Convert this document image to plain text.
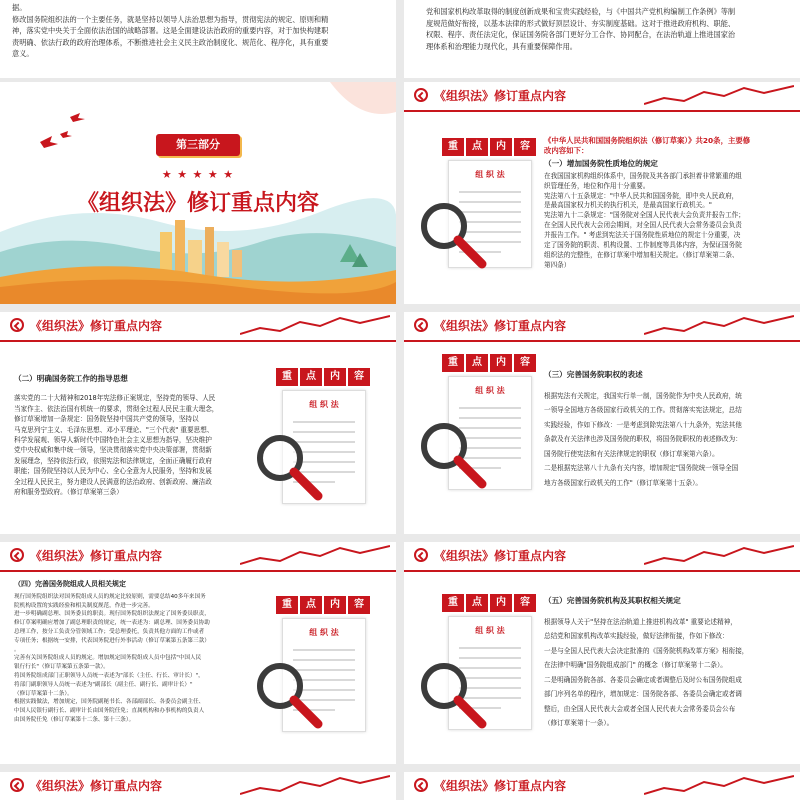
据。

修改国务院组织法的一个主要任务，就是坚持以领导人法治思想为指导，贯彻宪法的规定、原则和精

神，落实党中央关于全面依法治国的战略部署。这是全面建设法治政府的重要内容，对于加快构建职

责明确、依法行政的政府治理体系，不断推进社会主义民主政治制度化、规范化、程序化，具有重要

意义。

党和国家机构改革取得的制度创新成果和宝贵实践经验，与《中国共产党机构编制工作条例》等制

度规范做好衔接，以基本法律的形式做好顶层设计、夯实制度基础。这对于推进政府机构、职能、

权限、程序、责任法定化，保证国务院各部门更好分工合作、协同配合，在法治轨道上推进国家治

理体系和治理能力现代化，具有重要保障作用。

第三部分
★ ★ ★ ★ ★
《组织法》修订重点内容
《组织法》修订重点内容
重	点	内	容
组 织 法

《中华人民共和国国务院组织法（修订草案）》共20条，主要修

改内容如下：

（一）增加国务院性质地位的规定

在我国国家机构组织体系中，国务院及其各部门承担着非常繁重的组

织管理任务，地位和作用十分重要。

宪法第八十五条规定："中华人民共和国国务院，即中央人民政府，

是最高国家权力机关的执行机关，是最高国家行政机关。"

宪法第九十二条规定："国务院对全国人民代表大会负责并报告工作；

在全国人民代表大会闭会期间，对全国人民代表大会常务委员会负责

并报告工作。" 考虑到宪法关于国务院性质地位的规定十分重要，决

定了国务院的职责、机构设置、工作制度等具体内容，为保证国务院

组织法的完整性，在修订草案中增加相关规定。（修订草案第二条、

第四条）

《组织法》修订重点内容

（二）明确国务院工作的指导思想

落实党的二十大精神和2018年宪法修正案规定，坚持党的领导、人民

当家作主、依法治国有机统一的要求，贯彻全过程人民民主重大理念，

修订草案增加一条规定：国务院坚持中国共产党的领导，坚持以

马克思列宁主义、毛泽东思想、邓小平理论、"三个代表" 重要思想、

科学发展观、领导人新时代中国特色社会主义思想为指导，坚决维护

党中央权威和集中统一领导，坚决贯彻落实党中央决策部署，贯彻新

发展理念，坚持依法行政，依照宪法和法律规定，全面正确履行政府

职能；国务院坚持以人民为中心、全心全意为人民服务，坚持和发展

全过程人民民主，努力建设人民满意的法治政府、创新政府、廉洁政

府和服务型政府。（修订草案第三条）

重	点	内	容
组 织 法
《组织法》修订重点内容
重	点	内	容
组 织 法

（三）完善国务院职权的表述

根据宪法有关规定，我国实行单一制，国务院作为中央人民政府，统

一领导全国地方各级国家行政机关的工作。贯彻落实宪法规定，总结

实践经验，作如下修改：一是考虑到除宪法第八十九条外，宪法其他

条款及有关法律也涉及国务院的职权，将国务院职权的表述修改为：

国务院行使宪法和有关法律规定的职权（修订草案第六条）。

二是根据宪法第八十九条有关内容，增加规定"国务院统一领导全国

地方各级国家行政机关的工作"（修订草案第十五条）。

《组织法》修订重点内容

（四）完善国务院组成人员相关规定

现行国务院组织法对国务院组成人员的规定比较原则，需要总结40多年来国务

院机构设置的实践经验和相关制度规范，作进一步完善。

进一步明确副总理、国务委员的职责。现行国务院组织法规定了国务委员职责，

修订草案明确应增加了副总理职责的规定，统一表述为：副总理、国务委员协助

总理工作，按分工负责分管领域工作；受总理委托，负责其他方面的工作或者

专项任务；根据统一安排，代表国务院进行外事活动（修订草案第五条第三款）

。

完善有关国务院组成人员的规定。增加规定国务院组成人员中包括"中国人民

银行行长"（修订草案第五条第一款）。

将国务院组成部门正职领导人员统一表述为"部长（主任、行长、审计长）"，

将部门副职领导人员统一表述为"副部长（副主任、副行长、副审计长）"

（修订草案第十二条）。

根据实践做法，增加规定，国务院副秘书长、各部副部长、各委员会副主任、

中国人民银行副行长、副审计长由国务院任免；直属机构和办事机构的负责人

由国务院任免（修订草案第十二条、第十三条）。

重	点	内	容
组 织 法
《组织法》修订重点内容
重	点	内	容
组 织 法

（五）完善国务院机构及其职权相关规定

根据领导人关于"坚持在法治轨道上推进机构改革" 重要论述精神，

总结党和国家机构改革实践经验，做好法律衔接，作如下修改：

一是与全国人民代表大会决定批准的《国务院机构改革方案》相衔接，

在法律中明确"国务院组成部门" 的概念（修订草案第十二条）。

二是明确国务院各部、各委员会确定或者调整后及时公布国务院组成

部门序列名单的程序，增加规定：国务院各部、各委员会确定或者调

整后，由全国人民代表大会或者全国人民代表大会常务委员会公布

（修订草案第十一条）。

《组织法》修订重点内容	《组织法》修订重点内容
